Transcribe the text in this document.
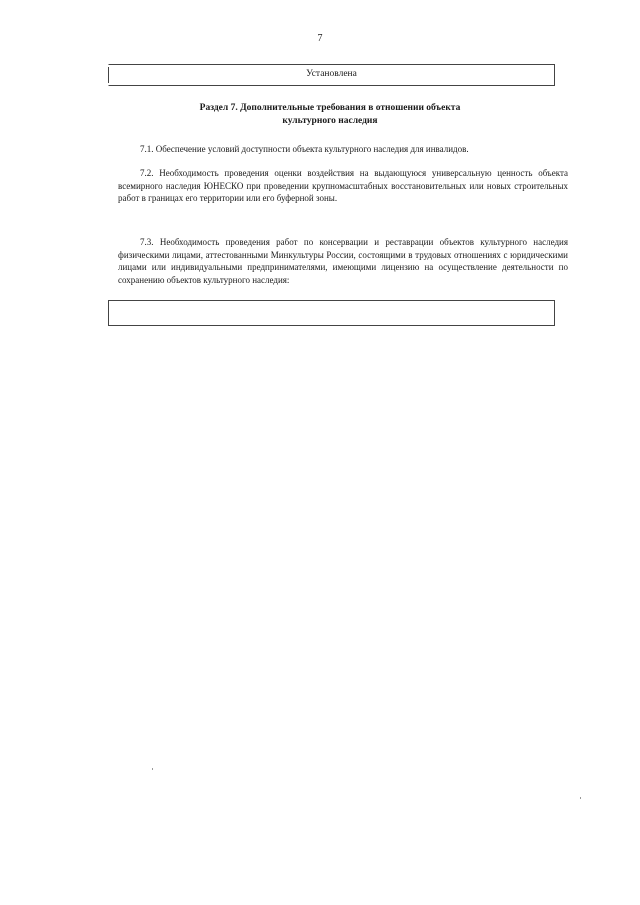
7
Установлена
Раздел 7. Дополнительные требования в отношении объекта
культурного наследия

7.1. Обеспечение условий доступности объекта культурного наследия для инвалидов.

7.2. Необходимость проведения оценки воздействия на выдающуюся универсальную ценность объекта всемирного наследия ЮНЕСКО при проведении крупномасштабных восстановительных или новых строительных работ в границах его территории или его буферной зоны.

7.3. Необходимость проведения работ по консервации и реставрации объектов культурного наследия физическими лицами, аттестованными Минкультуры России, состоящими в трудовых отношениях с юридическими лицами или индивидуальными предпринимателями, имеющими лицензию на осуществление деятельности по сохранению объектов культурного наследия:
